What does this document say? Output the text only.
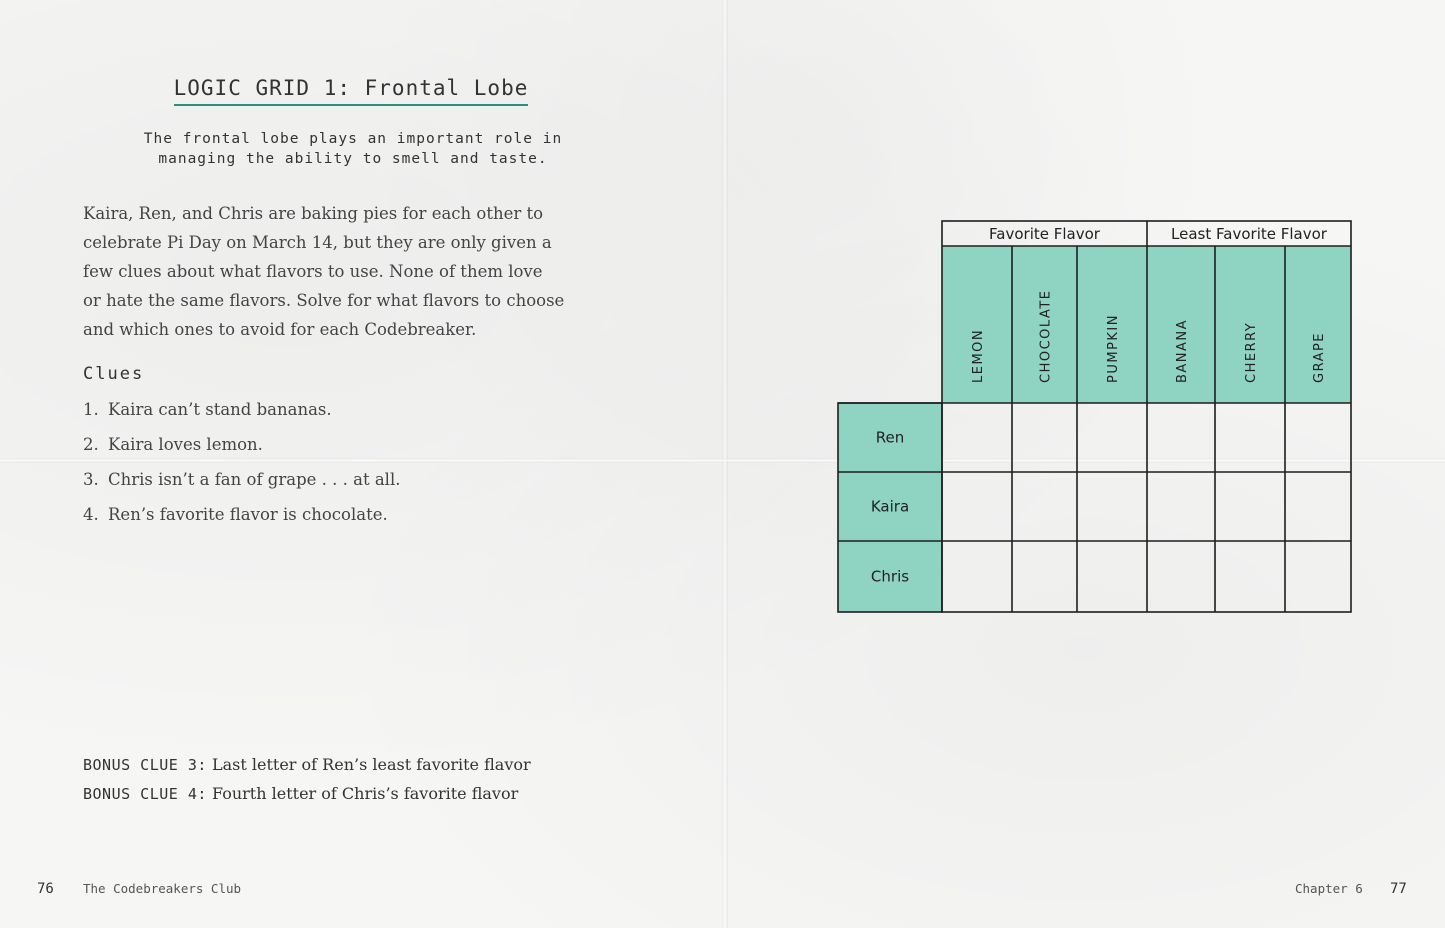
LOGIC GRID 1: Frontal Lobe
The frontal lobe plays an important role in
managing the ability to smell and taste.
Kaira, Ren, and Chris are baking pies for each other to
celebrate Pi Day on March 14, but they are only given a
few clues about what flavors to use. None of them love
or hate the same flavors. Solve for what flavors to choose
and which ones to avoid for each Codebreaker.
Clues
1. Kaira can’t stand bananas.
2. Kaira loves lemon.
3. Chris isn’t a fan of grape . . . at all.
4. Ren’s favorite flavor is chocolate.
BONUS CLUE 3: Last letter of Ren’s least favorite flavor
BONUS CLUE 4: Fourth letter of Chris’s favorite flavor
76 The Codebreakers Club	Chapter 6 77
Favorite Flavor	Least Favorite Flavor
LEMON	CHOCOLATE	PUMPKIN	BANANA	CHERRY	GRAPE
Ren
Kaira
Chris
